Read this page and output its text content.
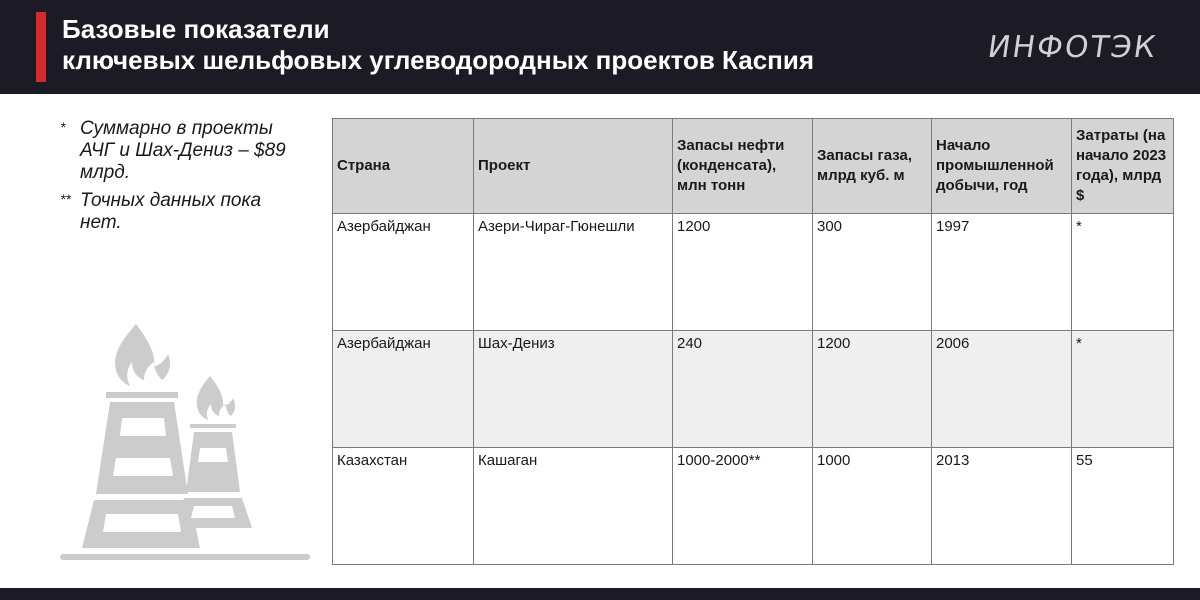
Базовые показатели
ключевых шельфовых углеводородных проектов Каспия	ИНФОТЭК
* Суммарно в проекты АЧГ и Шах-Дениз – $89 млрд.
** Точных данных пока нет.
Страна	Проект	Запасы нефти (конденсата), млн тонн	Запасы газа, млрд куб. м	Начало промышленной добычи, год	Затраты (на начало 2023 года), млрд $
Азербайджан	Азери-Чираг-Гюнешли	1200	300	1997	*
Азербайджан	Шах-Дениз	240	1200	2006	*
Казахстан	Кашаган	1000-2000**	1000	2013	55
